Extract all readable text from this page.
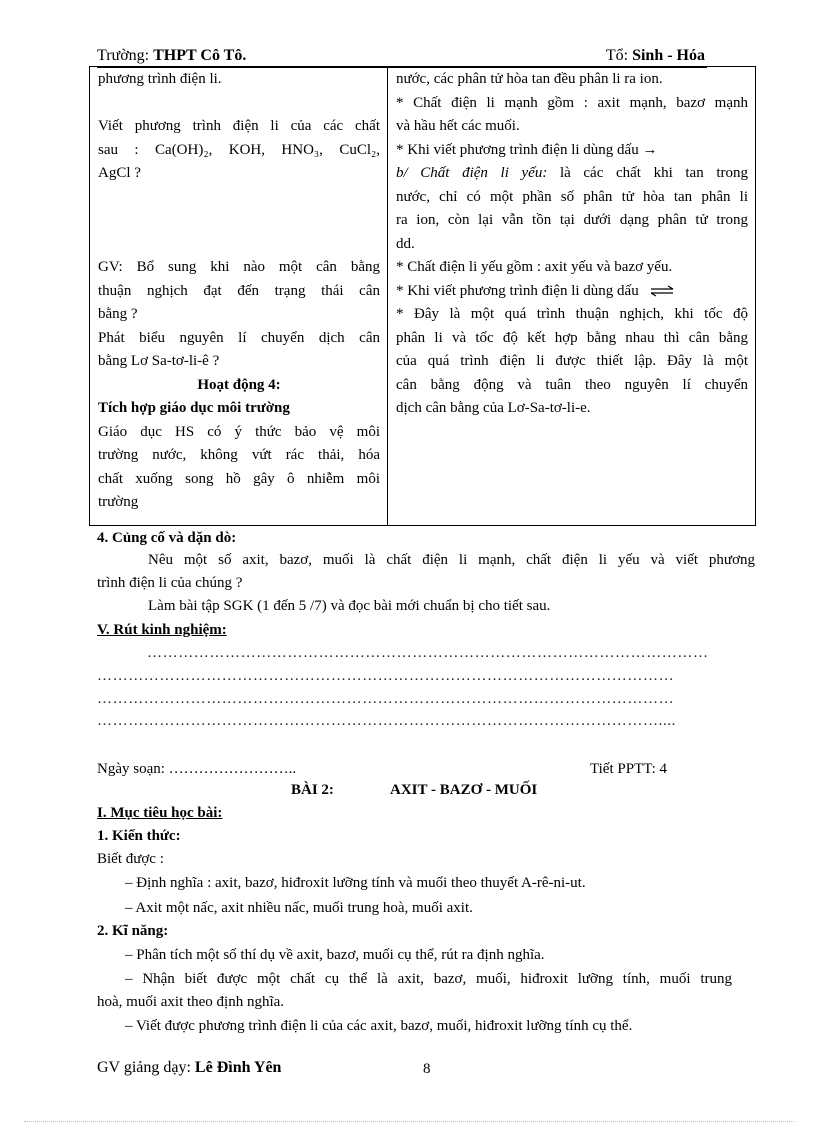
Trường: THPT Cô Tô.	Tổ: Sinh - Hóa
phương trình điện li.
Viết phương trình điện li của các chất
sau : Ca(OH)₂, KOH, HNO₃, CuCl₂,
AgCl ?
GV: Bổ sung khi nào một cân bằng
thuận nghịch đạt đến trạng thái cân
bằng ?
Phát biểu nguyên lí chuyển dịch cân
bằng Lơ Sa-tơ-li-ê ?
Hoạt động 4:
Tích hợp giáo dục môi trường
Giáo dục HS có ý thức bảo vệ môi
trường nước, không vứt rác thải, hóa
chất xuống song hồ gây ô nhiễm môi
trường
nước, các phân tử hòa tan đều phân li ra ion.
* Chất điện li mạnh gồm : axit mạnh, bazơ mạnh
và hầu hết các muối.
* Khi viết phương trình điện li dùng dấu →
b/ Chất điện li yếu: là các chất khi tan trong
nước, chỉ có một phần số phân tử hòa tan phân li
ra ion, còn lại vẫn tồn tại dưới dạng phân tử trong
dd.
* Chất điện li yếu gồm : axit yếu và bazơ yếu.
* Khi viết phương trình điện li dùng dấu ⇌
* Đây là một quá trình thuận nghịch, khi tốc độ
phân li và tốc độ kết hợp bằng nhau thì cân bằng
của quá trình điện li được thiết lập. Đây là một
cân bằng động và tuân theo nguyên lí chuyển
dịch cân bằng của Lơ-Sa-tơ-li-e.
4. Củng cố và dặn dò:
Nêu một số axit, bazơ, muối là chất điện li mạnh, chất điện li yếu và viết phương
trình điện li của chúng ?
Làm bài tập SGK (1 đến 5 /7) và đọc bài mới chuẩn bị cho tiết sau.
V. Rút kinh nghiệm:
………………………………………………………………………………………………
…………………………………………………………………………………………………
…………………………………………………………………………………………………
………………………………………………………………………………………………....
Ngày soạn: ……………………..	Tiết PPTT: 4
BÀI 2:	AXIT - BAZƠ - MUỐI
I. Mục tiêu học bài:
1. Kiến thức:
Biết được :
– Định nghĩa : axit, bazơ, hiđroxit lưỡng tính và muối theo thuyết A-rê-ni-ut.
– Axit một nấc, axit nhiều nấc, muối trung hoà, muối axit.
2. Kĩ năng:
– Phân tích một số thí dụ về axit, bazơ, muối cụ thể, rút ra định nghĩa.
– Nhận biết được một chất cụ thể là axit, bazơ, muối, hiđroxit lưỡng tính, muối trung
hoà, muối axit theo định nghĩa.
– Viết được phương trình điện li của các axit, bazơ, muối, hiđroxit lưỡng tính cụ thể.
GV giảng dạy: Lê Đình Yên	8
